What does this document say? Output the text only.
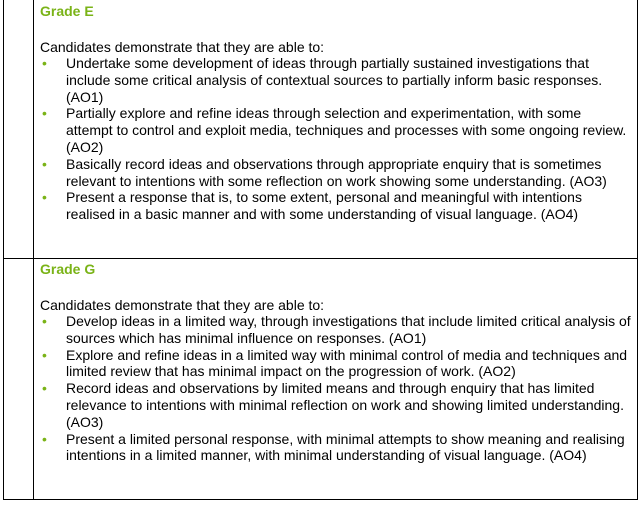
Grade E
Candidates demonstrate that they are able to:
• Undertake some development of ideas through partially sustained investigations that include some critical analysis of contextual sources to partially inform basic responses. (AO1)
• Partially explore and refine ideas through selection and experimentation, with some attempt to control and exploit media, techniques and processes with some ongoing review. (AO2)
• Basically record ideas and observations through appropriate enquiry that is sometimes relevant to intentions with some reflection on work showing some understanding. (AO3)
• Present a response that is, to some extent, personal and meaningful with intentions realised in a basic manner and with some understanding of visual language. (AO4)
Grade G
Candidates demonstrate that they are able to:
• Develop ideas in a limited way, through investigations that include limited critical analysis of sources which has minimal influence on responses. (AO1)
• Explore and refine ideas in a limited way with minimal control of media and techniques and limited review that has minimal impact on the progression of work. (AO2)
• Record ideas and observations by limited means and through enquiry that has limited relevance to intentions with minimal reflection on work and showing limited understanding. (AO3)
• Present a limited personal response, with minimal attempts to show meaning and realising intentions in a limited manner, with minimal understanding of visual language. (AO4)
